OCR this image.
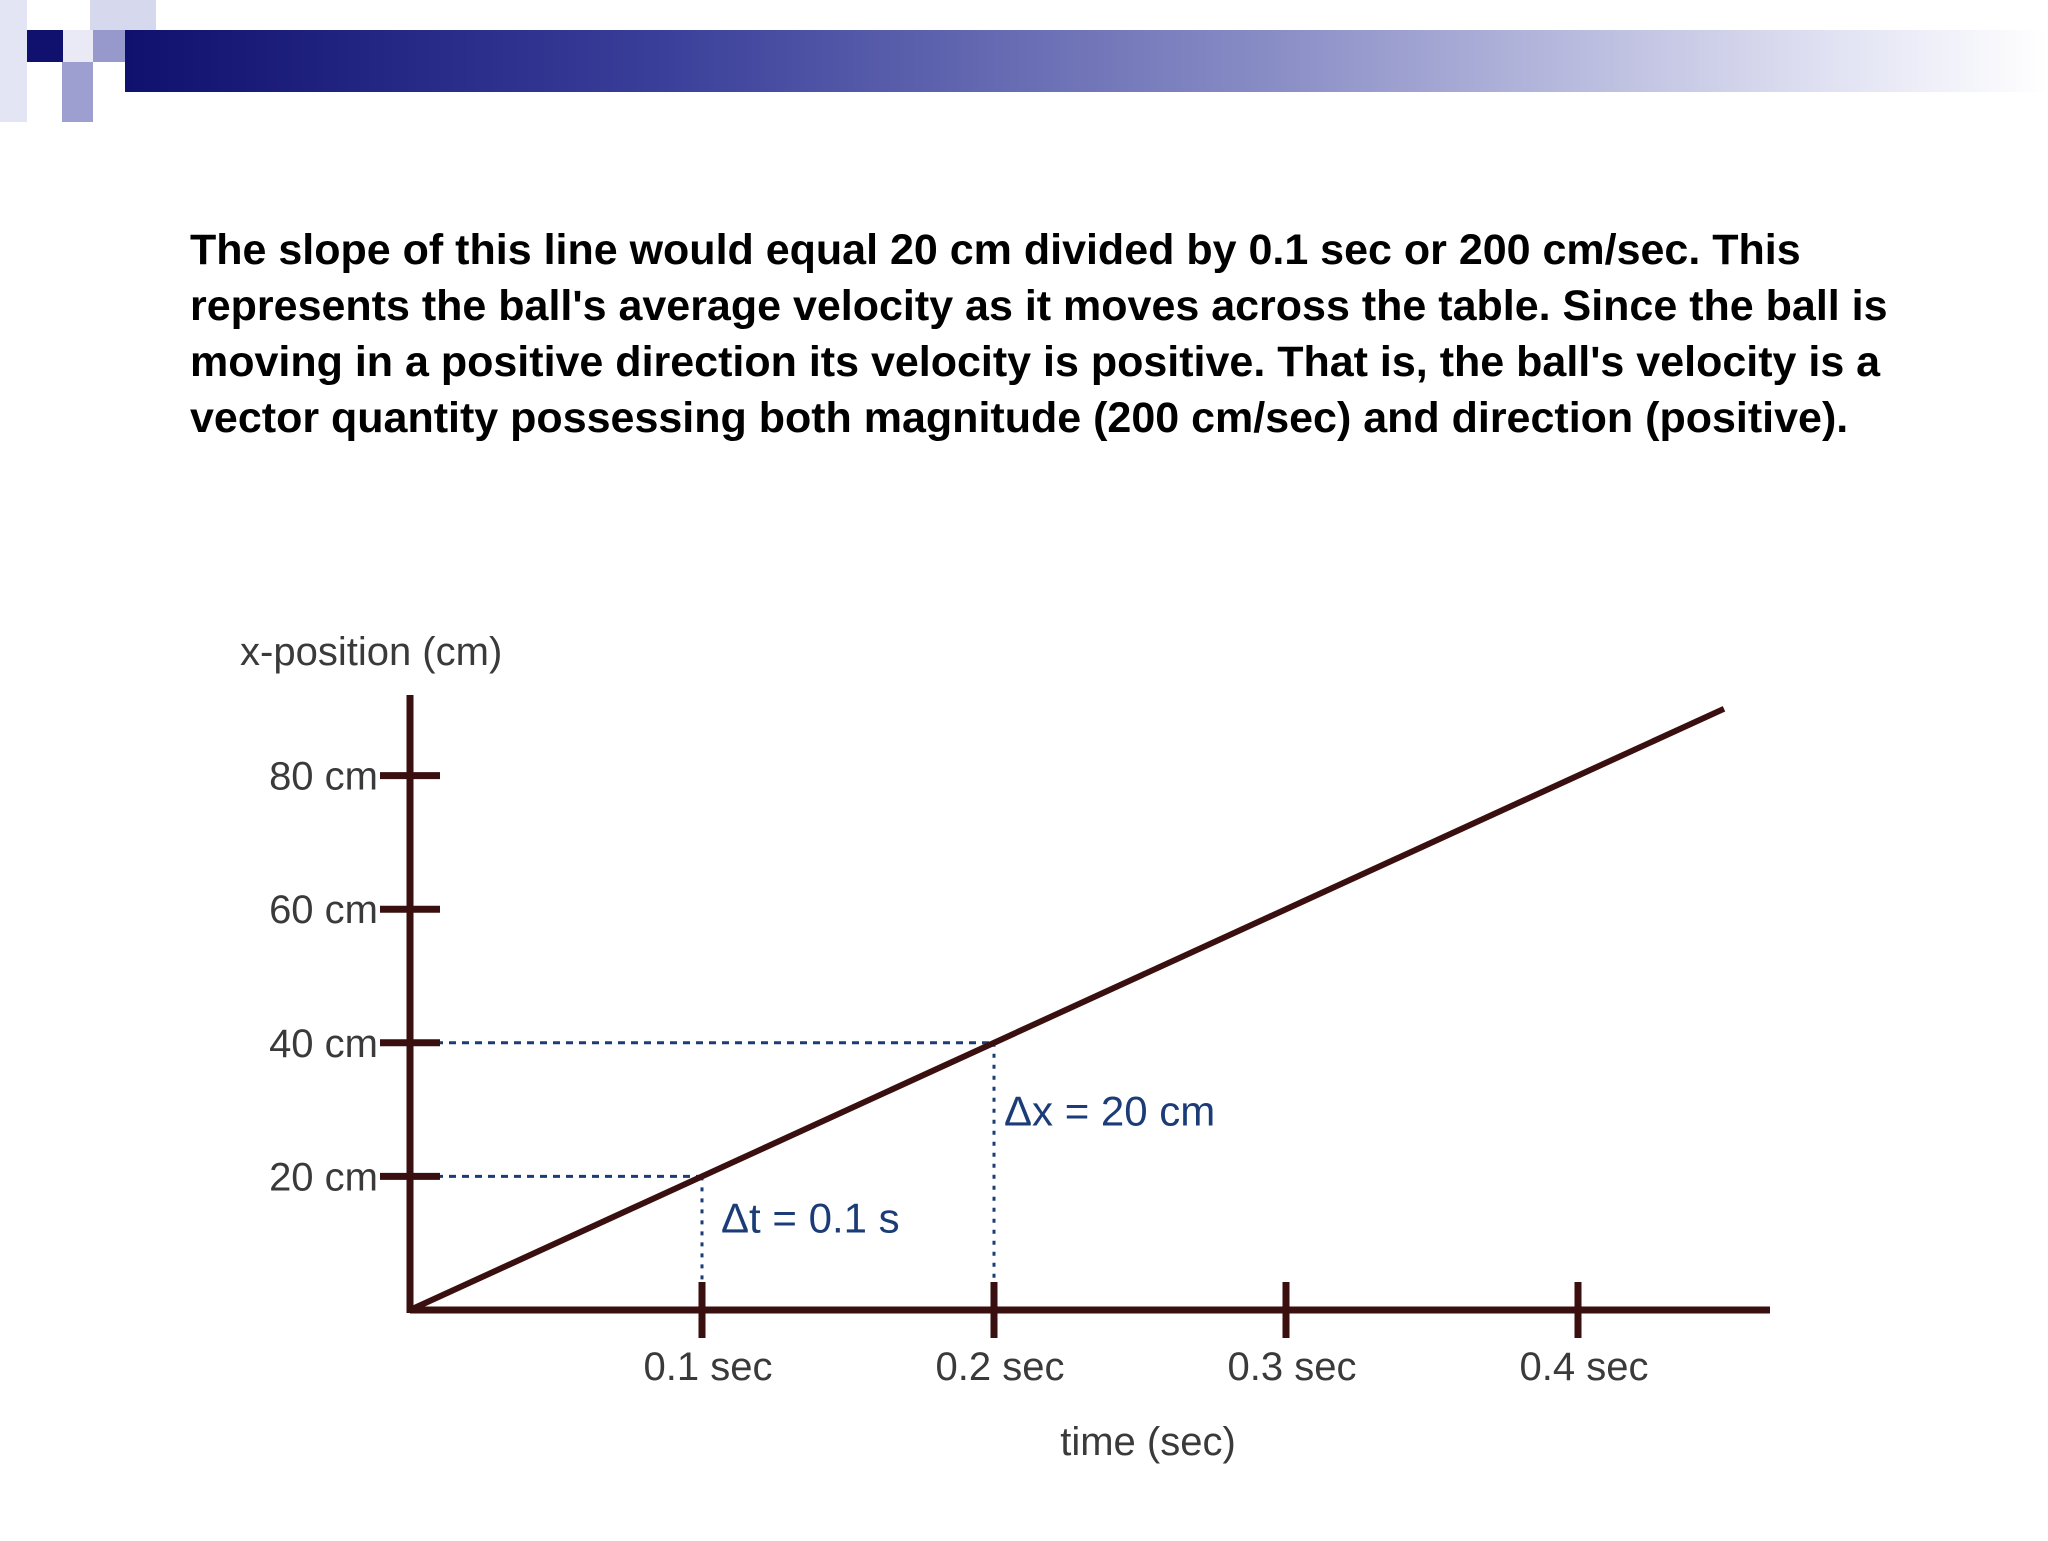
The slope of this line would equal 20 cm divided by 0.1 sec or 200 cm/sec. This represents the ball's average velocity as it moves across the table. Since the ball is moving in a positive direction its velocity is positive. That is, the ball's velocity is a vector quantity possessing both magnitude (200 cm/sec) and direction (positive).

x-position (cm)
time (sec)
0.1 sec	0.2 sec	0.3 sec	0.4 sec
20 cm
40 cm
60 cm
80 cm
Δx = 20 cm
Δt = 0.1 s
